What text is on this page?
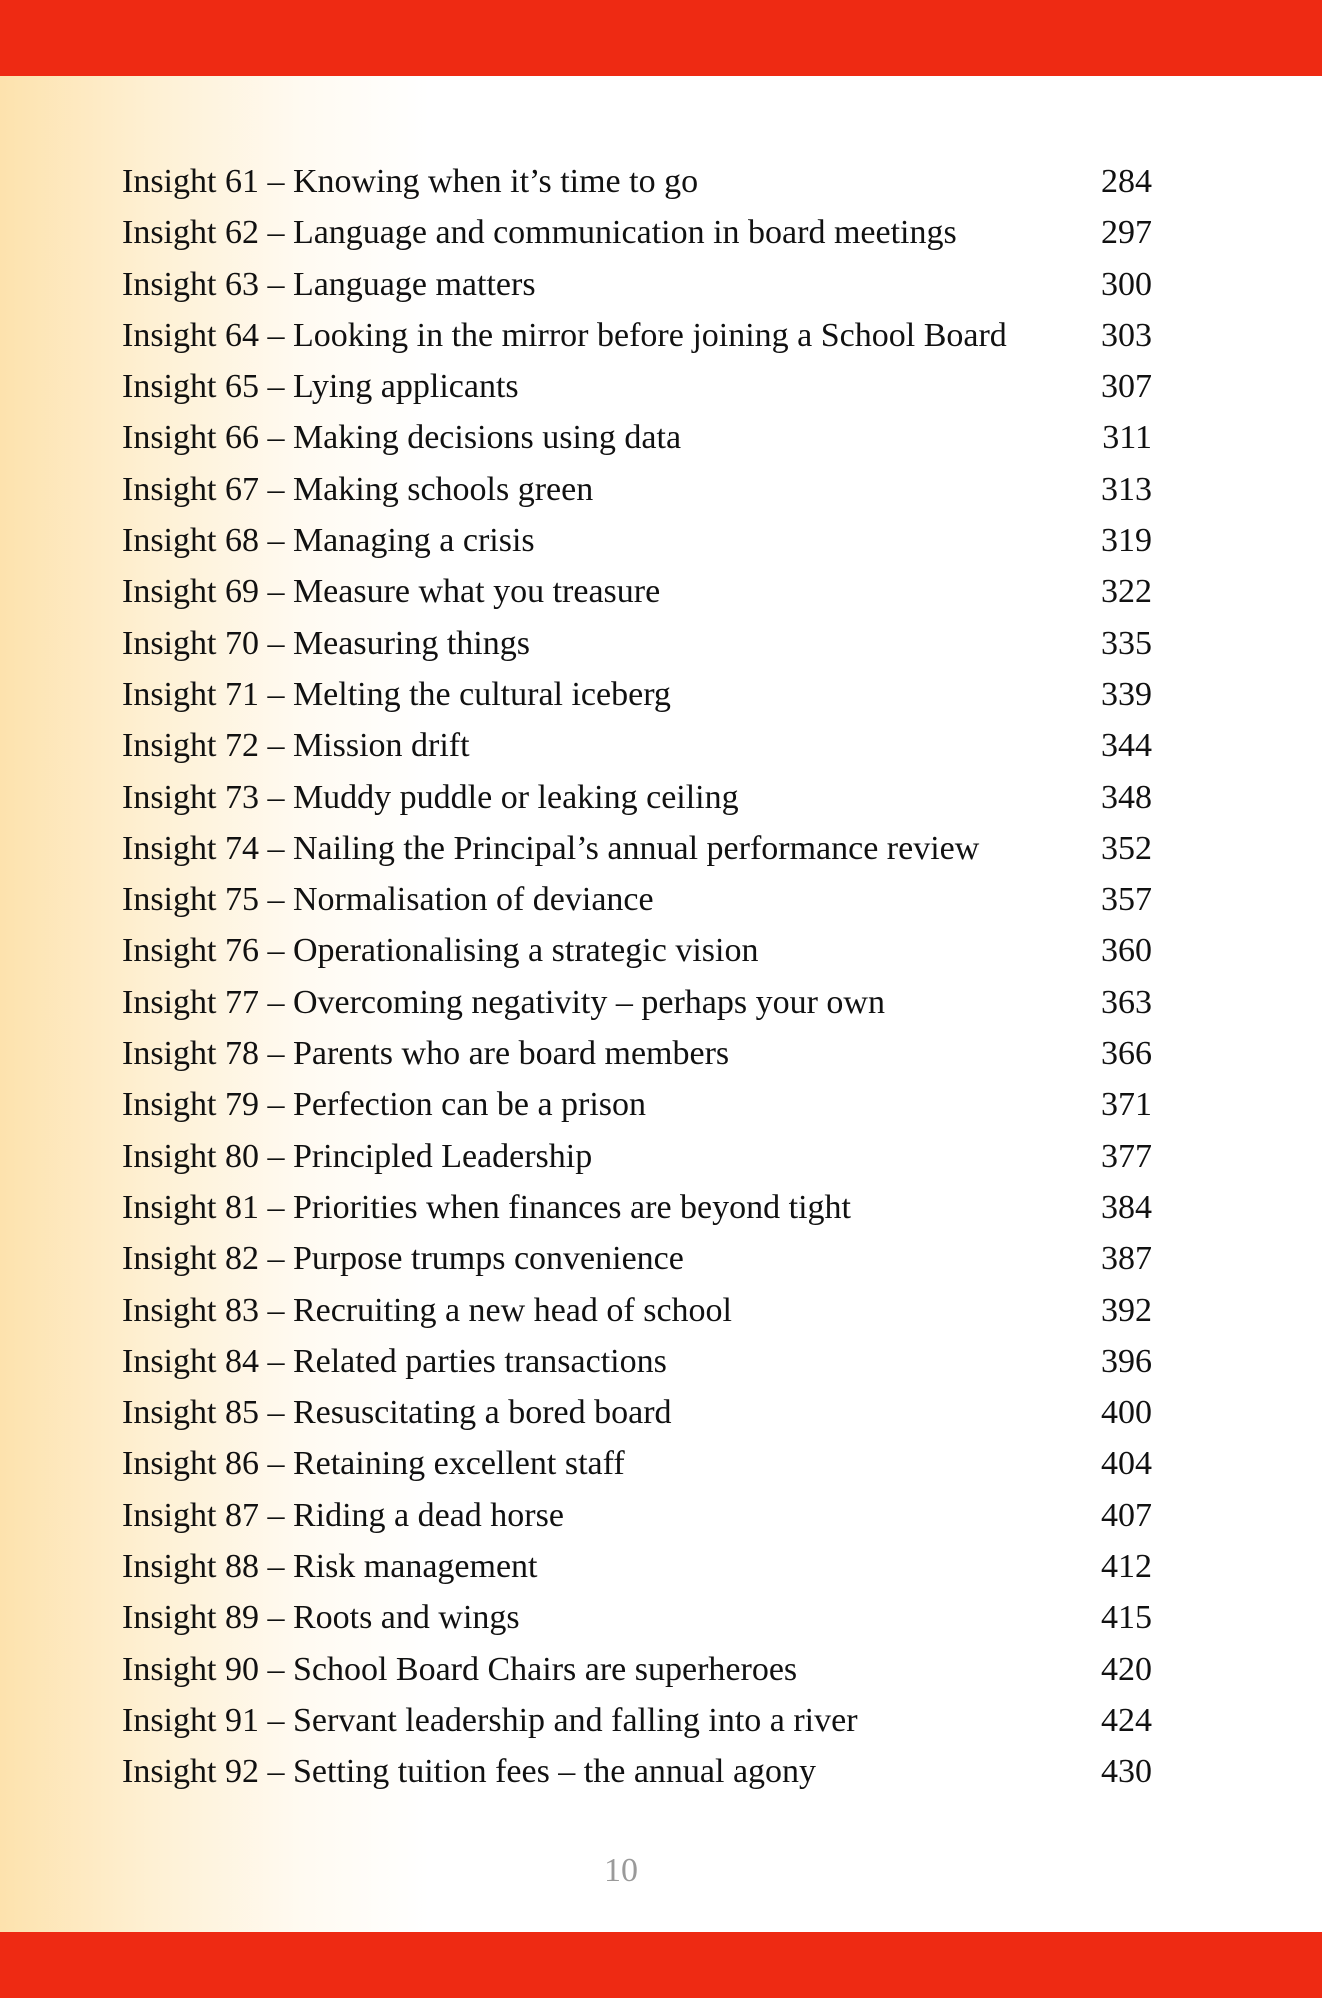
Insight 61 – Knowing when it’s time to go	284
Insight 62 – Language and communication in board meetings	297
Insight 63 – Language matters	300
Insight 64 – Looking in the mirror before joining a School Board	303
Insight 65 – Lying applicants	307
Insight 66 – Making decisions using data	311
Insight 67 – Making schools green	313
Insight 68 – Managing a crisis	319
Insight 69 – Measure what you treasure	322
Insight 70 – Measuring things	335
Insight 71 – Melting the cultural iceberg	339
Insight 72 – Mission drift	344
Insight 73 – Muddy puddle or leaking ceiling	348
Insight 74 – Nailing the Principal’s annual performance review	352
Insight 75 – Normalisation of deviance	357
Insight 76 – Operationalising a strategic vision	360
Insight 77 – Overcoming negativity – perhaps your own	363
Insight 78 – Parents who are board members	366
Insight 79 – Perfection can be a prison	371
Insight 80 – Principled Leadership	377
Insight 81 – Priorities when finances are beyond tight	384
Insight 82 – Purpose trumps convenience	387
Insight 83 – Recruiting a new head of school	392
Insight 84 – Related parties transactions	396
Insight 85 – Resuscitating a bored board	400
Insight 86 – Retaining excellent staff	404
Insight 87 – Riding a dead horse	407
Insight 88 – Risk management	412
Insight 89 – Roots and wings	415
Insight 90 – School Board Chairs are superheroes	420
Insight 91 – Servant leadership and falling into a river	424
Insight 92 – Setting tuition fees – the annual agony	430
10
